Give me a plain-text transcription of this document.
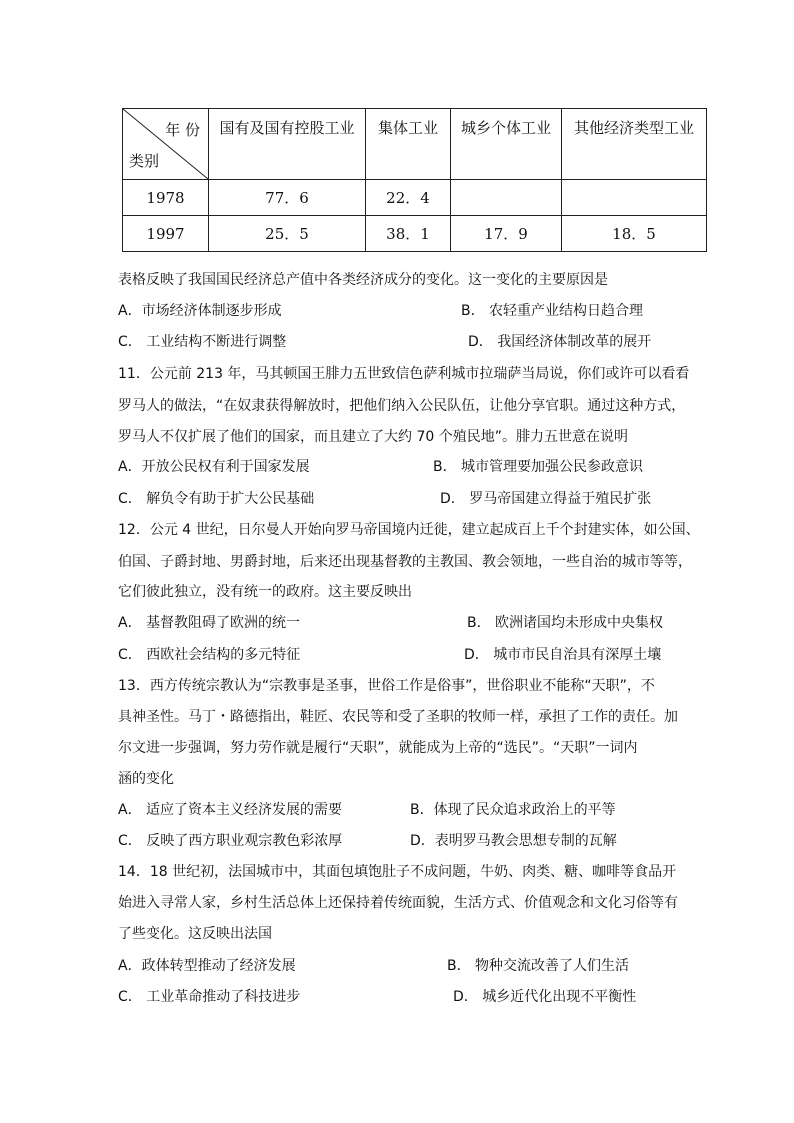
年 份
类别	国有及国有控股工业	集体工业	城乡个体工业	其他经济类型工业
1978	77．6	22．4		
1997	25．5	38．1	17．9	18．5
表格反映了我国国民经济总产值中各类经济成分的变化。这一变化的主要原因是
A．市场经济体制逐步形成	B． 农轻重产业结构日趋合理
C． 工业结构不断进行调整	D． 我国经济体制改革的展开
11．公元前 213 年，马其顿国王腓力五世致信色萨利城市拉瑞萨当局说，你们或许可以看看
罗马人的做法，“在奴隶获得解放时，把他们纳入公民队伍，让他分享官职。通过这种方式，
罗马人不仅扩展了他们的国家，而且建立了大约 70 个殖民地”。腓力五世意在说明
A．开放公民权有利于国家发展	B． 城市管理要加强公民参政意识
C． 解负令有助于扩大公民基础	D． 罗马帝国建立得益于殖民扩张
12．公元 4 世纪，日尔曼人开始向罗马帝国境内迁徙，建立起成百上千个封建实体，如公国、
伯国、子爵封地、男爵封地，后来还出现基督教的主教国、教会领地，一些自治的城市等等，
它们彼此独立，没有统一的政府。这主要反映出
A． 基督教阻碍了欧洲的统一	B． 欧洲诸国均未形成中央集权
C． 西欧社会结构的多元特征	D． 城市市民自治具有深厚土壤
13．西方传统宗教认为“宗教事是圣事，世俗工作是俗事”，世俗职业不能称“天职”，不
具神圣性。马丁・路德指出，鞋匠、农民等和受了圣职的牧师一样，承担了工作的责任。加
尔文进一步强调，努力劳作就是履行“天职”，就能成为上帝的“选民”。“天职”一词内
涵的变化
A． 适应了资本主义经济发展的需要	B．体现了民众追求政治上的平等
C． 反映了西方职业观宗教色彩浓厚	D．表明罗马教会思想专制的瓦解
14．18 世纪初，法国城市中，其面包填饱肚子不成问题，牛奶、肉类、糖、咖啡等食品开
始进入寻常人家，乡村生活总体上还保持着传统面貌，生活方式、价值观念和文化习俗等有
了些变化。这反映出法国
A．政体转型推动了经济发展	B． 物种交流改善了人们生活
C． 工业革命推动了科技进步	D． 城乡近代化出现不平衡性
